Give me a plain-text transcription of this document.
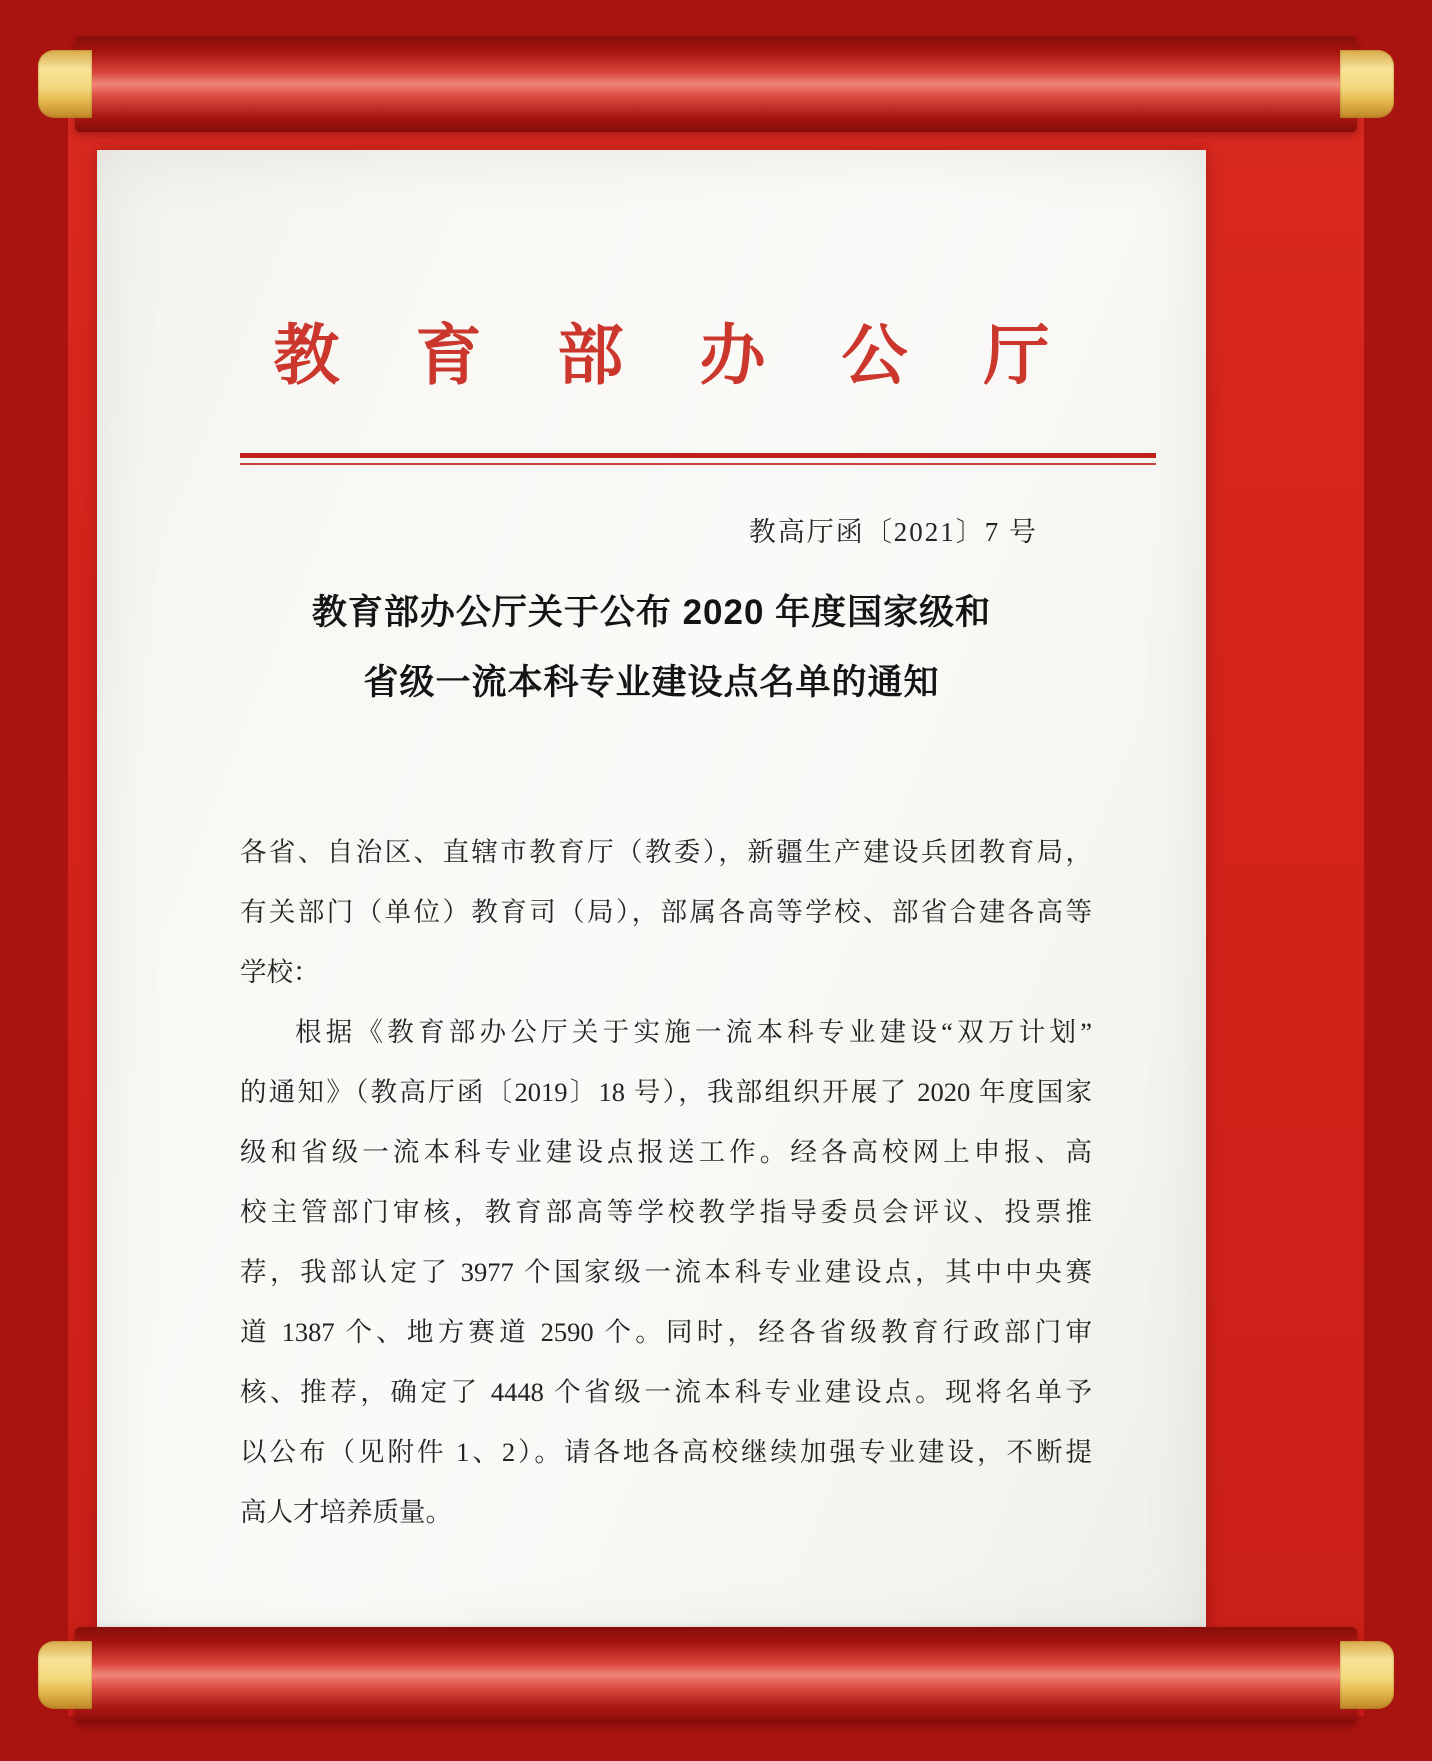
教育部办公厅
教高厅函〔2021〕7 号
教育部办公厅关于公布 2020 年度国家级和
省级一流本科专业建设点名单的通知
各省、自治区、直辖市教育厅（教委），新疆生产建设兵团教育局，
有关部门（单位）教育司（局），部属各高等学校、部省合建各高等
学校：
根据《教育部办公厅关于实施一流本科专业建设“双万计划”
的通知》（教高厅函〔2019〕18 号），我部组织开展了 2020 年度国家
级和省级一流本科专业建设点报送工作。经各高校网上申报、高
校主管部门审核，教育部高等学校教学指导委员会评议、投票推
荐，我部认定了 3977 个国家级一流本科专业建设点，其中中央赛
道 1387 个、地方赛道 2590 个。同时，经各省级教育行政部门审
核、推荐，确定了 4448 个省级一流本科专业建设点。现将名单予
以公布（见附件 1、2）。请各地各高校继续加强专业建设，不断提
高人才培养质量。
